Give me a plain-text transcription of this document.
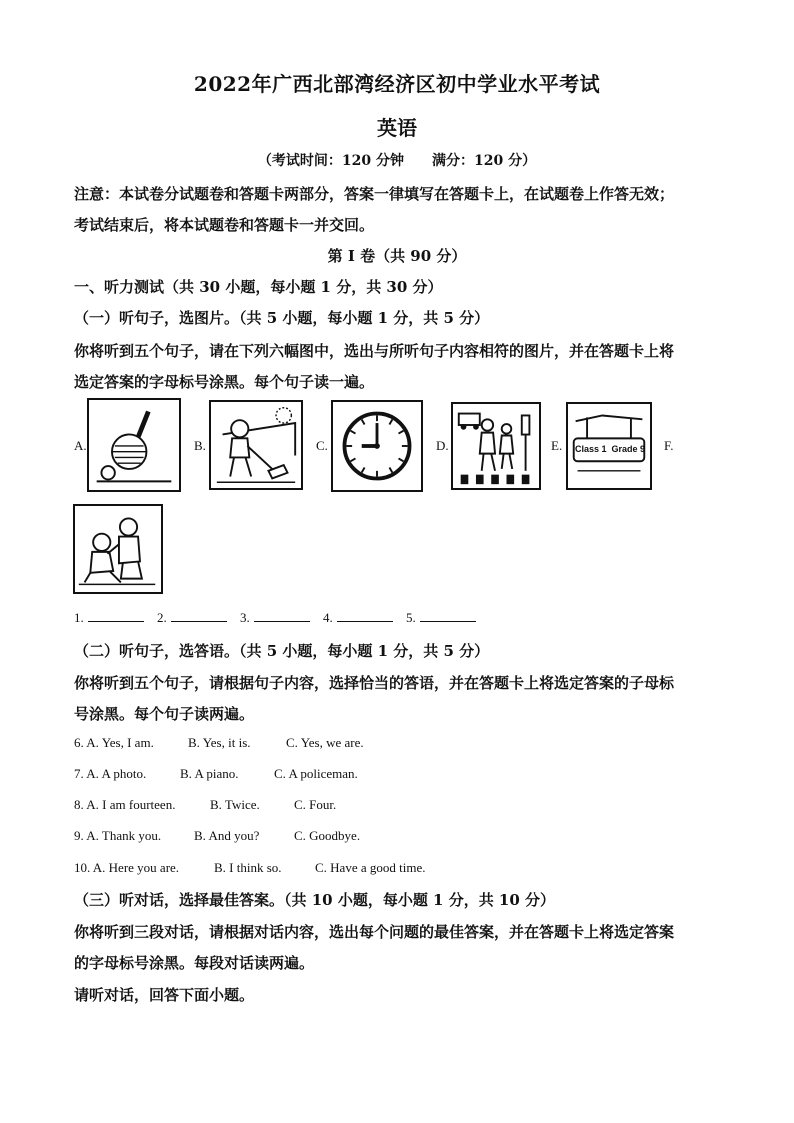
2022年广西北部湾经济区初中学业水平考试
英语
（考试时间：120 分钟 满分：120 分）
注意：本试卷分试题卷和答题卡两部分，答案一律填写在答题卡上，在试题卷上作答无效；
考试结束后，将本试题卷和答题卡一并交回。
第 I 卷（共 90 分）
一、听力测试（共 30 小题，每小题 1 分，共 30 分）
（一）听句子，选图片。（共 5 小题，每小题 1 分，共 5 分）
你将听到五个句子，请在下列六幅图中，选出与所听句子内容相符的图片，并在答题卡上将
选定答案的字母标号涂黑。每个句子读一遍。
A.	B.	C.	D.	E. Class 1  Grade 9 F.
1.	2.	3.	4.	5.
（二）听句子，选答语。（共 5 小题，每小题 1 分，共 5 分）
你将听到五个句子，请根据句子内容，选择恰当的答语，并在答题卡上将选定答案的子母标
号涂黑。每个句子读两遍。
6. A. Yes, I am.	B. Yes, it is.	C. Yes, we are.
7. A. A photo.	B. A piano.	C. A policeman.
8. A. I am fourteen.	B. Twice.	C. Four.
9. A. Thank you.	B. And you?	C. Goodbye.
10. A. Here you are.	B. I think so.	C. Have a good time.
（三）听对话，选择最佳答案。（共 10 小题，每小题 1 分，共 10 分）
你将听到三段对话，请根据对话内容，选出每个问题的最佳答案，并在答题卡上将选定答案
的字母标号涂黑。每段对话读两遍。
请听对话，回答下面小题。
